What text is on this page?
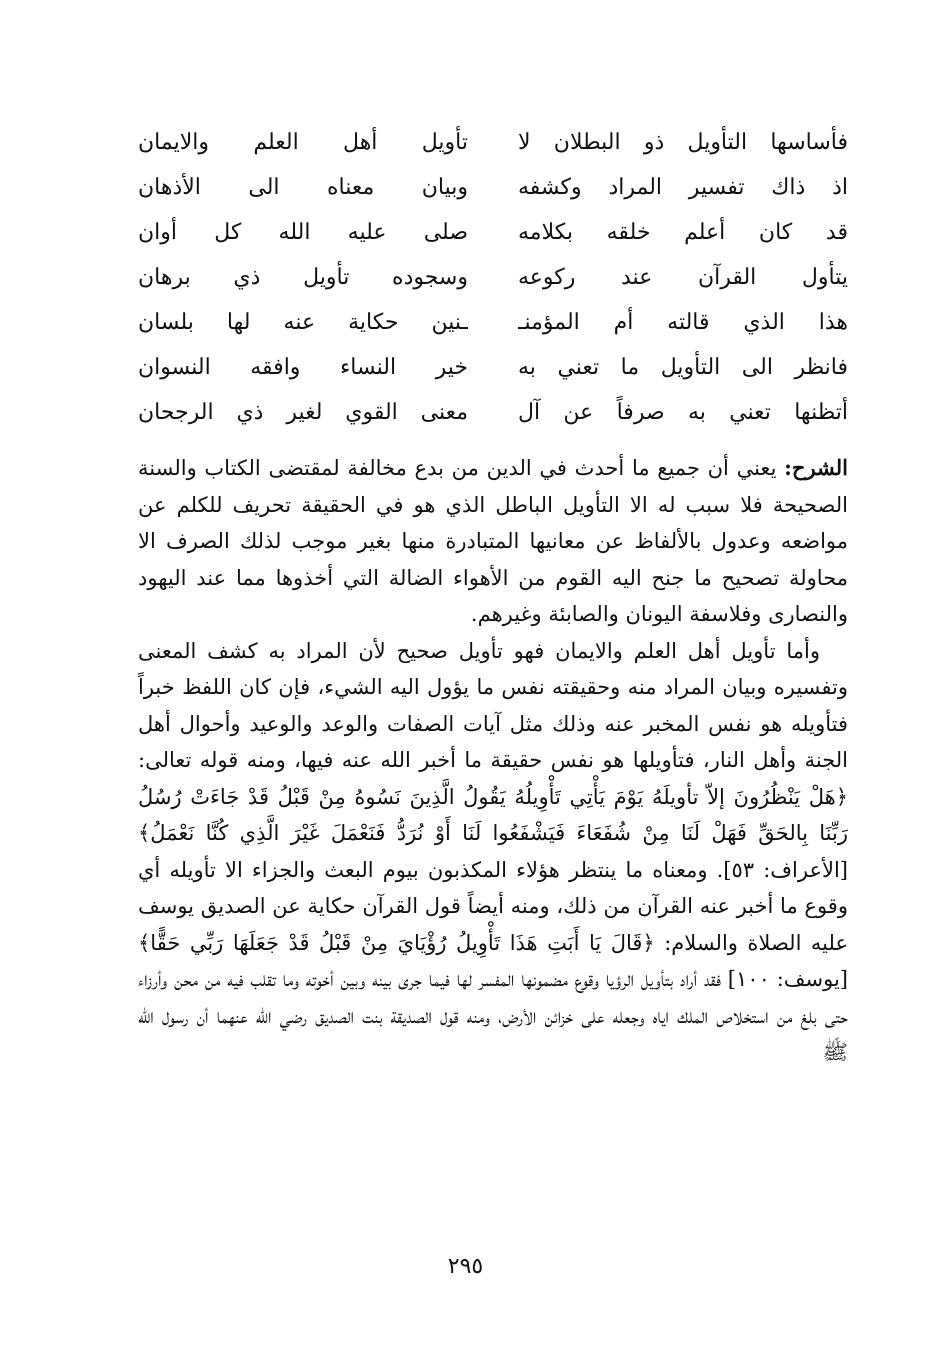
فأساسها التأويل ذو البطلان لا
تأويل أهل العلم والايمان
اذ ذاك تفسير المراد وكشفه
وبيان معناه الى الأذهان
قد كان أعلم خلقه بكلامه
صلى عليه الله كل أوان
يتأول القرآن عند ركوعه
وسجوده تأويل ذي برهان
هذا الذي قالته أم المؤمنـ
ـنين حكاية عنه لها بلسان
فانظر الى التأويل ما تعني به
خير النساء وافقه النسوان
أتظنها تعني به صرفاً عن آل
معنى القوي لغير ذي الرجحان

الشرح: يعني أن جميع ما أحدث في الدين من بدع مخالفة لمقتضى الكتاب والسنة الصحيحة فلا سبب له الا التأويل الباطل الذي هو في الحقيقة تحريف للكلم عن مواضعه وعدول بالألفاظ عن معانيها المتبادرة منها بغير موجب لذلك الصرف الا محاولة تصحيح ما جنح اليه القوم من الأهواء الضالة التي أخذوها مما عند اليهود والنصارى وفلاسفة اليونان والصابئة وغيرهم.

وأما تأويل أهل العلم والايمان فهو تأويل صحيح لأن المراد به كشف المعنى وتفسيره وبيان المراد منه وحقيقته نفس ما يؤول اليه الشيء، فإن كان اللفظ خبراً فتأويله هو نفس المخبر عنه وذلك مثل آيات الصفات والوعد والوعيد وأحوال أهل الجنة وأهل النار، فتأويلها هو نفس حقيقة ما أخبر الله عنه فيها، ومنه قوله تعالى: ﴿هَلْ يَنْظُرُونَ إلاّ تأويلَهُ يَوْمَ يَأْتِي تَأْوِيلُهُ يَقُولُ الَّذِينَ نَسُوهُ مِنْ قَبْلُ قَدْ جَاءَتْ رُسُلُ رَبِّنَا بِالحَقِّ فَهَلْ لَنَا مِنْ شُفَعَاءَ فَيَشْفَعُوا لَنَا أَوْ نُرَدُّ فَنَعْمَلَ غَيْرَ الَّذِي كُنَّا نَعْمَلُ﴾ [الأعراف: ٥٣]. ومعناه ما ينتظر هؤلاء المكذبون بيوم البعث والجزاء الا تأويله أي وقوع ما أخبر عنه القرآن من ذلك، ومنه أيضاً قول القرآن حكاية عن الصديق يوسف عليه الصلاة والسلام: ﴿قَالَ يَا أَبَتِ هَذَا تَأْوِيلُ رُؤْيَايَ مِنْ قَبْلُ قَدْ جَعَلَهَا رَبِّي حَقًّا﴾ [يوسف: ١٠٠] فقد أراد بتأويل الرؤيا وقوع مضمونها المفسر لها فيما جرى بينه وبين أخوته وما تقلب فيه من محن وأرزاء حتى بلغ من استخلاص الملك اياه وجعله على خزائن الأرض، ومنه قول الصديقة بنت الصديق رضي الله عنهما أن رسول الله ﷺ

٢٩٥
